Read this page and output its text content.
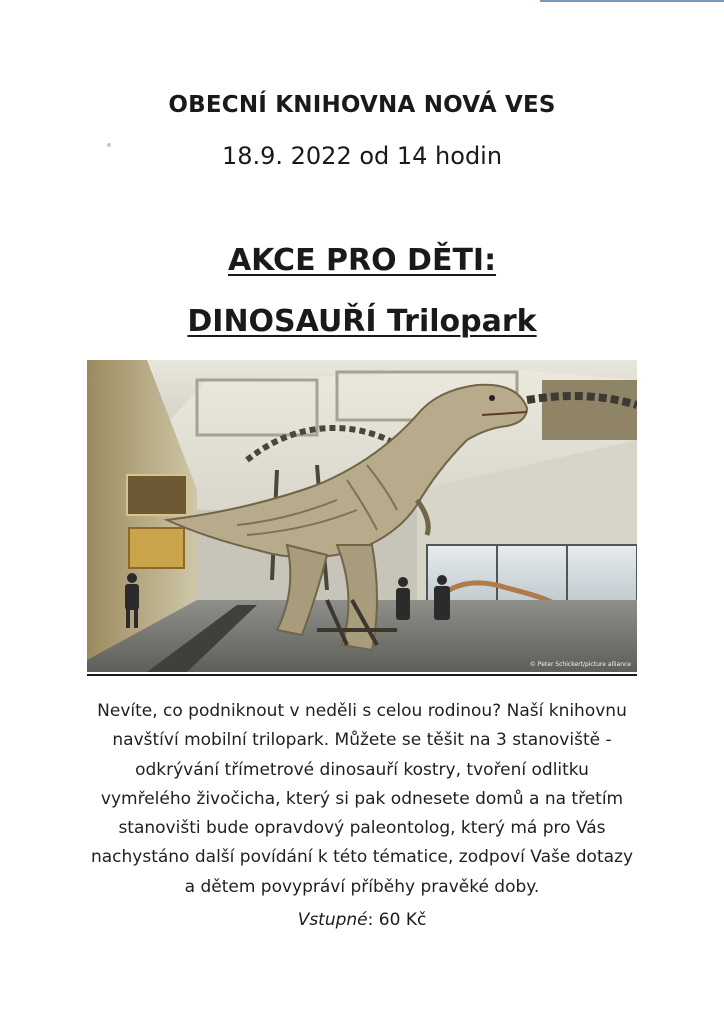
OBECNÍ KNIHOVNA NOVÁ VES
18.9. 2022 od 14 hodin
AKCE PRO DĚTI:
DINOSAUŘÍ Trilopark
© Peter Schickert/picture alliance
Nevíte, co podniknout v neděli s celou rodinou? Naší knihovnu navštíví mobilní trilopark. Můžete se těšit na 3 stanoviště - odkrývání třímetrové dinosauří kostry, tvoření odlitku vymřelého živočicha, který si pak odnesete domů a na třetím stanovišti bude opravdový paleontolog, který má pro Vás nachystáno další povídání k této tématice, zodpoví Vaše dotazy a dětem povypráví příběhy pravěké doby.
Vstupné: 60 Kč
